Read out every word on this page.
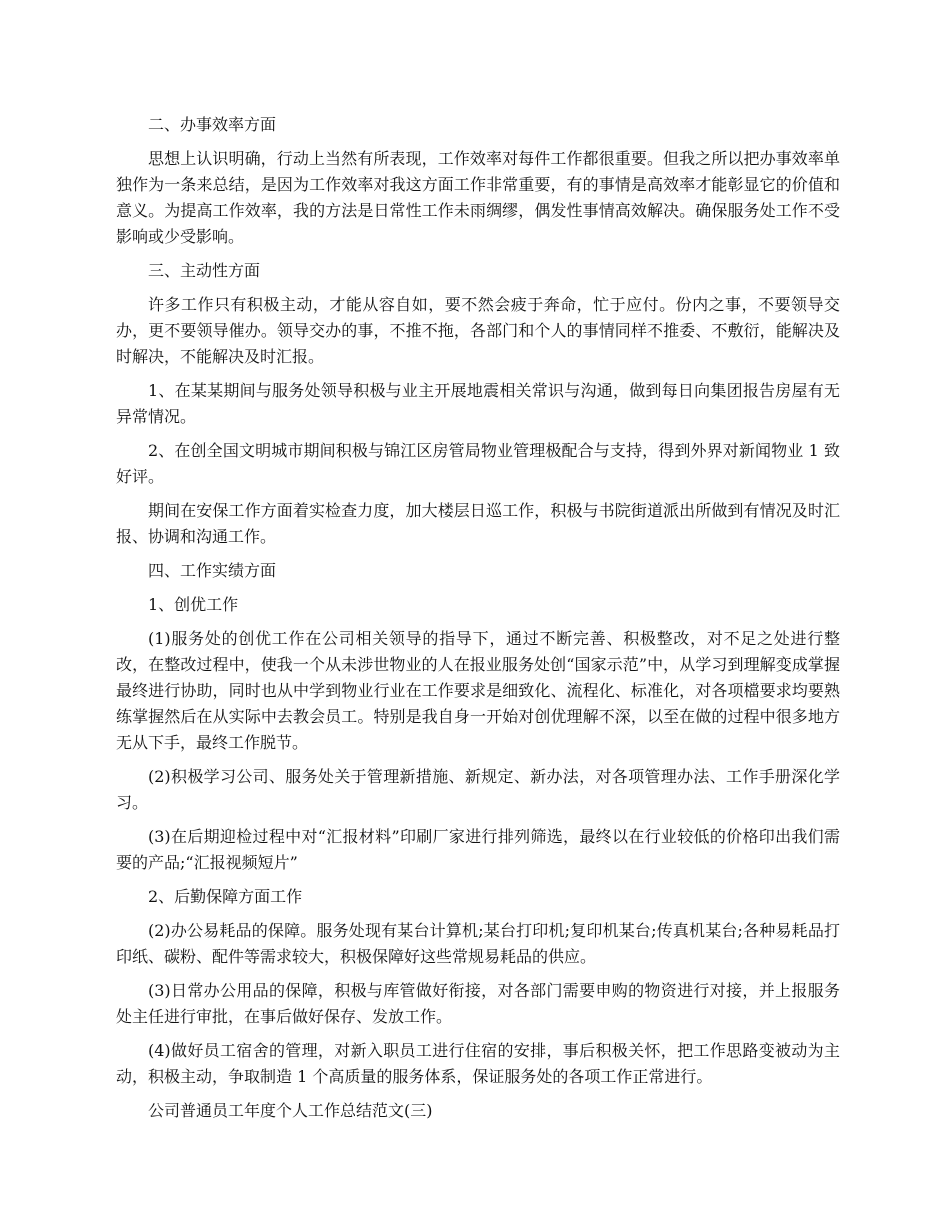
二、办事效率方面

思想上认识明确，行动上当然有所表现，工作效率对每件工作都很重要。但我之所以把办事效率单独作为一条来总结，是因为工作效率对我这方面工作非常重要，有的事情是高效率才能彰显它的价值和意义。为提高工作效率，我的方法是日常性工作未雨绸缪，偶发性事情高效解决。确保服务处工作不受影响或少受影响。

三、主动性方面

许多工作只有积极主动，才能从容自如，要不然会疲于奔命，忙于应付。份内之事，不要领导交办，更不要领导催办。领导交办的事，不推不拖，各部门和个人的事情同样不推委、不敷衍，能解决及时解决，不能解决及时汇报。

1、在某某期间与服务处领导积极与业主开展地震相关常识与沟通，做到每日向集团报告房屋有无异常情况。

2、在创全国文明城市期间积极与锦江区房管局物业管理极配合与支持，得到外界对新闻物业 1 致好评。

期间在安保工作方面着实检查力度，加大楼层日巡工作，积极与书院街道派出所做到有情况及时汇报、协调和沟通工作。

四、工作实绩方面

1、创优工作

(1)服务处的创优工作在公司相关领导的指导下，通过不断完善、积极整改，对不足之处进行整改，在整改过程中，使我一个从未涉世物业的人在报业服务处创“国家示范”中，从学习到理解变成掌握最终进行协助，同时也从中学到物业行业在工作要求是细致化、流程化、标准化，对各项檔要求均要熟练掌握然后在从实际中去教会员工。特别是我自身一开始对创优理解不深，以至在做的过程中很多地方无从下手，最终工作脱节。

(2)积极学习公司、服务处关于管理新措施、新规定、新办法，对各项管理办法、工作手册深化学习。

(3)在后期迎检过程中对“汇报材料”印刷厂家进行排列筛选，最终以在行业较低的价格印出我们需要的产品;“汇报视频短片”

2、后勤保障方面工作

(2)办公易耗品的保障。服务处现有某台计算机;某台打印机;复印机某台;传真机某台;各种易耗品打印纸、碳粉、配件等需求较大，积极保障好这些常规易耗品的供应。

(3)日常办公用品的保障，积极与库管做好衔接，对各部门需要申购的物资进行对接，并上报服务处主任进行审批，在事后做好保存、发放工作。

(4)做好员工宿舍的管理，对新入职员工进行住宿的安排，事后积极关怀，把工作思路变被动为主动，积极主动，争取制造 1 个高质量的服务体系，保证服务处的各项工作正常进行。

公司普通员工年度个人工作总结范文(三)
